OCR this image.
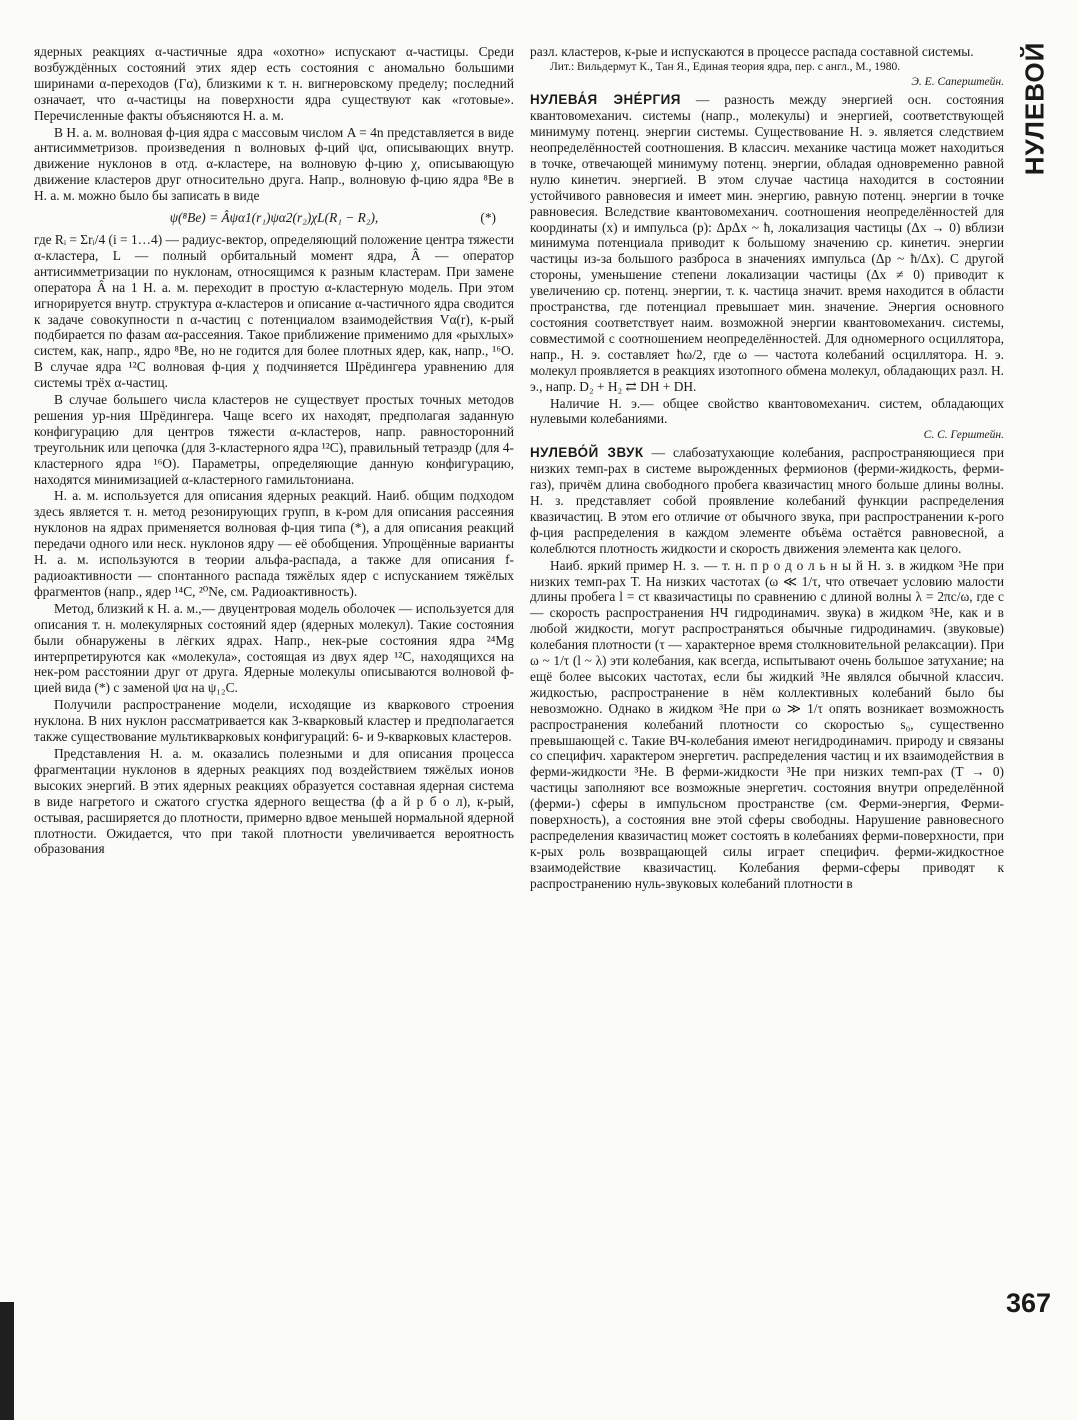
НУЛЕВОЙ

ядерных реакциях α-частичные ядра «охотно» испускают α-частицы. Среди возбуждённых состояний этих ядер есть состояния с аномально большими ширинами α-переходов (Γα), близкими к т. н. вигнеровскому пределу; последний означает, что α-частицы на поверхности ядра существуют как «готовые». Перечисленные факты объясняются Н. а. м.

В Н. а. м. волновая ф-ция ядра с массовым числом A = 4n представляется в виде антисимметризов. произведения n волновых ф-ций ψα, описывающих внутр. движение нуклонов в отд. α-кластере, на волновую ф-цию χ, описывающую движение кластеров друг относительно друга. Напр., волновую ф-цию ядра ⁸Be в Н. а. м. можно было бы записать в виде

ψ(⁸Be) = Âψα1(r₁)ψα2(r₂)χL(R₁ − R₂),	(*)

где Rᵢ = Σrᵢ/4 (i = 1…4) — радиус-вектор, определяющий положение центра тяжести α-кластера, L — полный орбитальный момент ядра, Â — оператор антисимметризации по нуклонам, относящимся к разным кластерам. При замене оператора Â на 1 Н. а. м. переходит в простую α-кластерную модель. При этом игнорируется внутр. структура α-кластеров и описание α-частичного ядра сводится к задаче совокупности n α-частиц с потенциалом взаимодействия Vα(r), к-рый подбирается по фазам αα-рассеяния. Такое приближение применимо для «рыхлых» систем, как, напр., ядро ⁸Be, но не годится для более плотных ядер, как, напр., ¹⁶O. В случае ядра ¹²C волновая ф-ция χ подчиняется Шрёдингера уравнению для системы трёх α-частиц.

В случае большего числа кластеров не существует простых точных методов решения ур-ния Шрёдингера. Чаще всего их находят, предполагая заданную конфигурацию для центров тяжести α-кластеров, напр. равносторонний треугольник или цепочка (для 3-кластерного ядра ¹²C), правильный тетраэдр (для 4-кластерного ядра ¹⁶O). Параметры, определяющие данную конфигурацию, находятся минимизацией α-кластерного гамильтониана.

Н. а. м. используется для описания ядерных реакций. Наиб. общим подходом здесь является т. н. метод резонирующих групп, в к-ром для описания рассеяния нуклонов на ядрах применяется волновая ф-ция типа (*), а для описания реакций передачи одного или неск. нуклонов ядру — её обобщения. Упрощённые варианты Н. а. м. используются в теории альфа-распада, а также для описания f-радиоактивности — спонтанного распада тяжёлых ядер с испусканием тяжёлых фрагментов (напр., ядер ¹⁴C, ²⁰Ne, см. Радиоактивность).

Метод, близкий к Н. а. м.,— двуцентровая модель оболочек — используется для описания т. н. молекулярных состояний ядер (ядерных молекул). Такие состояния были обнаружены в лёгких ядрах. Напр., нек-рые состояния ядра ²⁴Mg интерпретируются как «молекула», состоящая из двух ядер ¹²C, находящихся на нек-ром расстоянии друг от друга. Ядерные молекулы описываются волновой ф-цией вида (*) с заменой ψα на ψ₁₂C.

Получили распространение модели, исходящие из кваркового строения нуклона. В них нуклон рассматривается как 3-кварковый кластер и предполагается также существование мультикварковых конфигураций: 6- и 9-кварковых кластеров.

Представления Н. а. м. оказались полезными и для описания процесса фрагментации нуклонов в ядерных реакциях под воздействием тяжёлых ионов высоких энергий. В этих ядерных реакциях образуется составная ядерная система в виде нагретого и сжатого сгустка ядерного вещества (ф а й р б о л), к-рый, остывая, расширяется до плотности, примерно вдвое меньшей нормальной ядерной плотности. Ожидается, что при такой плотности увеличивается вероятность образования

разл. кластеров, к-рые и испускаются в процессе распада составной системы.

Лит.: Вильдермут К., Тан Я., Единая теория ядра, пер. с англ., М., 1980.

Э. Е. Саперштейн.

НУЛЕВА́Я ЭНЕ́РГИЯ — разность между энергией осн. состояния квантовомеханич. системы (напр., молекулы) и энергией, соответствующей минимуму потенц. энергии системы. Существование Н. э. является следствием неопределённостей соотношения. В классич. механике частица может находиться в точке, отвечающей минимуму потенц. энергии, обладая одновременно равной нулю кинетич. энергией. В этом случае частица находится в состоянии устойчивого равновесия и имеет мин. энергию, равную потенц. энергии в точке равновесия. Вследствие квантовомеханич. соотношения неопределённостей для координаты (x) и импульса (p): ΔpΔx ~ ħ, локализация частицы (Δx → 0) вблизи минимума потенциала приводит к большому значению ср. кинетич. энергии частицы из-за большого разброса в значениях импульса (Δp ~ ħ/Δx). С другой стороны, уменьшение степени локализации частицы (Δx ≠ 0) приводит к увеличению ср. потенц. энергии, т. к. частица значит. время находится в области пространства, где потенциал превышает мин. значение. Энергия основного состояния соответствует наим. возможной энергии квантовомеханич. системы, совместимой с соотношением неопределённостей. Для одномерного осциллятора, напр., Н. э. составляет ħω/2, где ω — частота колебаний осциллятора. Н. э. молекул проявляется в реакциях изотопного обмена молекул, обладающих разл. Н. э., напр. D₂ + H₂ ⇄ DH + DH.

Наличие Н. э.— общее свойство квантовомеханич. систем, обладающих нулевыми колебаниями.

С. С. Герштейн.

НУЛЕВО́Й ЗВУК — слабозатухающие колебания, распространяющиеся при низких темп-рах в системе вырожденных фермионов (ферми-жидкость, ферми-газ), причём длина свободного пробега квазичастиц много больше длины волны. Н. з. представляет собой проявление колебаний функции распределения квазичастиц. В этом его отличие от обычного звука, при распространении к-рого ф-ция распределения в каждом элементе объёма остаётся равновесной, а колеблются плотность жидкости и скорость движения элемента как целого.

Наиб. яркий пример Н. з. — т. н. п р о д о л ь н ы й Н. з. в жидком ³He при низких темп-рах T. На низких частотах (ω ≪ 1/τ, что отвечает условию малости длины пробега l = cτ квазичастицы по сравнению с длиной волны λ = 2πc/ω, где c — скорость распространения НЧ гидродинамич. звука) в жидком ³He, как и в любой жидкости, могут распространяться обычные гидродинамич. (звуковые) колебания плотности (τ — характерное время столкновительной релаксации). При ω ~ 1/τ (l ~ λ) эти колебания, как всегда, испытывают очень большое затухание; на ещё более высоких частотах, если бы жидкий ³He являлся обычной классич. жидкостью, распространение в нём коллективных колебаний было бы невозможно. Однако в жидком ³He при ω ≫ 1/τ опять возникает возможность распространения колебаний плотности со скоростью s₀, существенно превышающей c. Такие ВЧ-колебания имеют негидродинамич. природу и связаны со специфич. характером энергетич. распределения частиц и их взаимодействия в ферми-жидкости ³He. В ферми-жидкости ³He при низких темп-рах (T → 0) частицы заполняют все возможные энергетич. состояния внутри определённой (ферми-) сферы в импульсном пространстве (см. Ферми-энергия, Ферми-поверхность), а состояния вне этой сферы свободны. Нарушение равновесного распределения квазичастиц может состоять в колебаниях ферми-поверхности, при к-рых роль возвращающей силы играет специфич. ферми-жидкостное взаимодействие квазичастиц. Колебания ферми-сферы приводят к распространению нуль-звуковых колебаний плотности в

367
